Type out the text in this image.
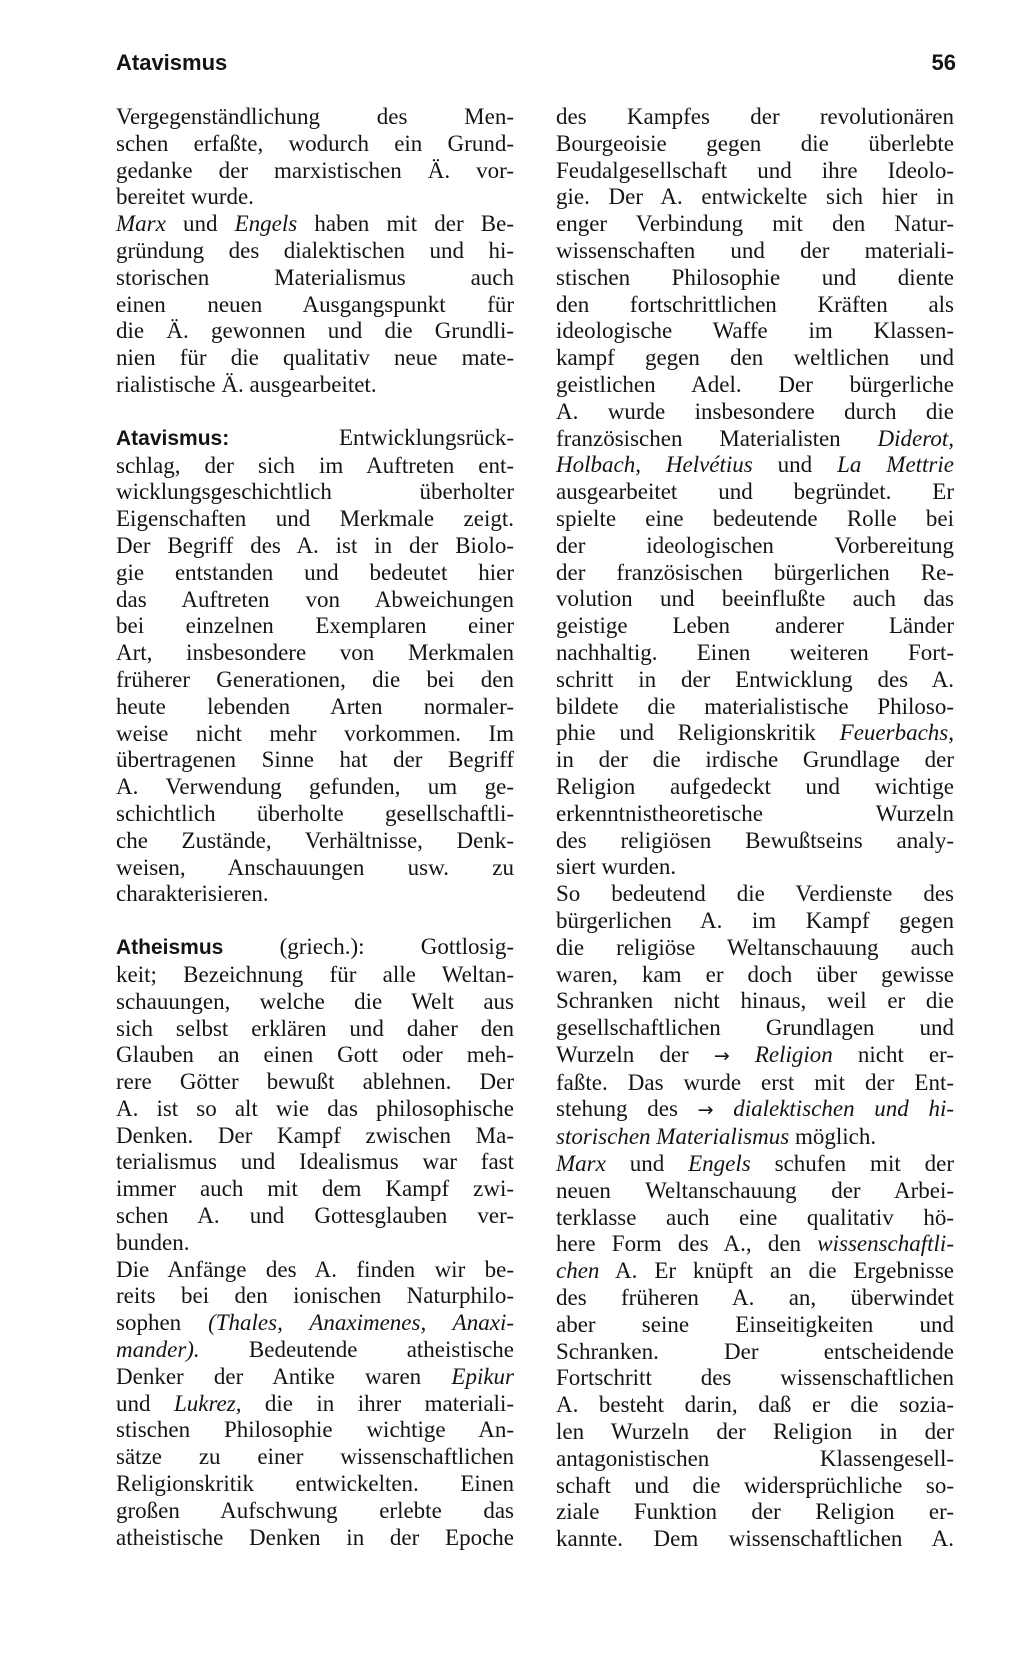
Atavismus	56

Vergegenständlichung des Men-

schen erfaßte, wodurch ein Grund-

gedanke der marxistischen Ä. vor-

bereitet wurde.

Marx und Engels haben mit der Be-

gründung des dialektischen und hi-

storischen Materialismus auch

einen neuen Ausgangspunkt für

die Ä. gewonnen und die Grundli-

nien für die qualitativ neue mate-

rialistische Ä. ausgearbeitet.

Atavismus: Entwicklungsrück-

schlag, der sich im Auftreten ent-

wicklungsgeschichtlich überholter

Eigenschaften und Merkmale zeigt.

Der Begriff des A. ist in der Biolo-

gie entstanden und bedeutet hier

das Auftreten von Abweichungen

bei einzelnen Exemplaren einer

Art, insbesondere von Merkmalen

früherer Generationen, die bei den

heute lebenden Arten normaler-

weise nicht mehr vorkommen. Im

übertragenen Sinne hat der Begriff

A. Verwendung gefunden, um ge-

schichtlich überholte gesellschaftli-

che Zustände, Verhältnisse, Denk-

weisen, Anschauungen usw. zu

charakterisieren.

Atheismus (griech.): Gottlosig-

keit; Bezeichnung für alle Weltan-

schauungen, welche die Welt aus

sich selbst erklären und daher den

Glauben an einen Gott oder meh-

rere Götter bewußt ablehnen. Der

A. ist so alt wie das philosophische

Denken. Der Kampf zwischen Ma-

terialismus und Idealismus war fast

immer auch mit dem Kampf zwi-

schen A. und Gottesglauben ver-

bunden.

Die Anfänge des A. finden wir be-

reits bei den ionischen Naturphilo-

sophen (Thales, Anaximenes, Anaxi-

mander). Bedeutende atheistische

Denker der Antike waren Epikur

und Lukrez, die in ihrer materiali-

stischen Philosophie wichtige An-

sätze zu einer wissenschaftlichen

Religionskritik entwickelten. Einen

großen Aufschwung erlebte das

atheistische Denken in der Epoche

des Kampfes der revolutionären

Bourgeoisie gegen die überlebte

Feudalgesellschaft und ihre Ideolo-

gie. Der A. entwickelte sich hier in

enger Verbindung mit den Natur-

wissenschaften und der materiali-

stischen Philosophie und diente

den fortschrittlichen Kräften als

ideologische Waffe im Klassen-

kampf gegen den weltlichen und

geistlichen Adel. Der bürgerliche

A. wurde insbesondere durch die

französischen Materialisten Diderot,

Holbach, Helvétius und La Mettrie

ausgearbeitet und begründet. Er

spielte eine bedeutende Rolle bei

der ideologischen Vorbereitung

der französischen bürgerlichen Re-

volution und beeinflußte auch das

geistige Leben anderer Länder

nachhaltig. Einen weiteren Fort-

schritt in der Entwicklung des A.

bildete die materialistische Philoso-

phie und Religionskritik Feuerbachs,

in der die irdische Grundlage der

Religion aufgedeckt und wichtige

erkenntnistheoretische Wurzeln

des religiösen Bewußtseins analy-

siert wurden.

So bedeutend die Verdienste des

bürgerlichen A. im Kampf gegen

die religiöse Weltanschauung auch

waren, kam er doch über gewisse

Schranken nicht hinaus, weil er die

gesellschaftlichen Grundlagen und

Wurzeln der → Religion nicht er-

faßte. Das wurde erst mit der Ent-

stehung des → dialektischen und hi-

storischen Materialismus möglich.

Marx und Engels schufen mit der

neuen Weltanschauung der Arbei-

terklasse auch eine qualitativ hö-

here Form des A., den wissenschaftli-

chen A. Er knüpft an die Ergebnisse

des früheren A. an, überwindet

aber seine Einseitigkeiten und

Schranken. Der entscheidende

Fortschritt des wissenschaftlichen

A. besteht darin, daß er die sozia-

len Wurzeln der Religion in der

antagonistischen Klassengesell-

schaft und die widersprüchliche so-

ziale Funktion der Religion er-

kannte. Dem wissenschaftlichen A.
